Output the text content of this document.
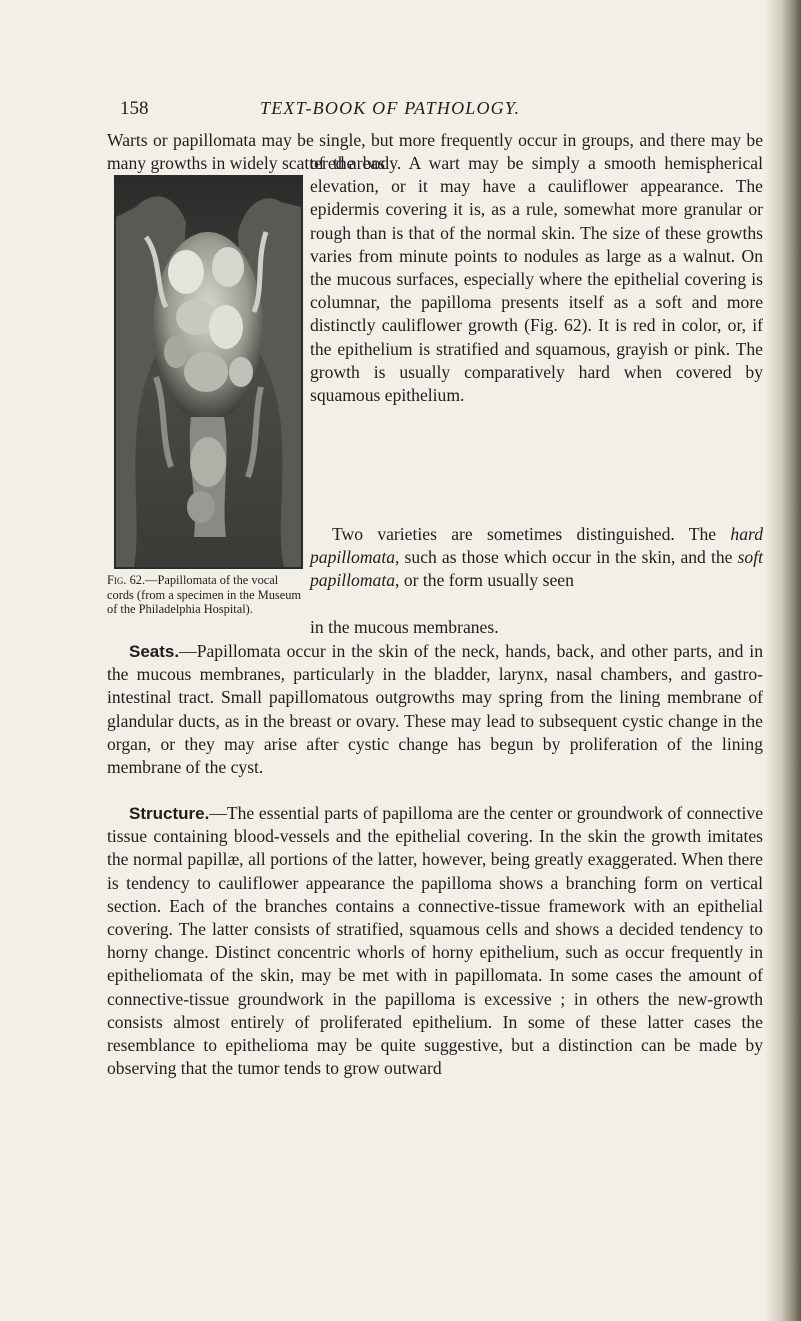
158	TEXT-BOOK OF PATHOLOGY.

Warts or papillomata may be single, but more frequently occur in groups, and there may be many growths in widely scattered areas

of the body. A wart may be simply a smooth hemispherical elevation, or it may have a cauliflower appearance. The epidermis covering it is, as a rule, somewhat more granular or rough than is that of the normal skin. The size of these growths varies from minute points to nodules as large as a walnut. On the mucous surfaces, especially where the epithelial covering is columnar, the papilloma presents itself as a soft and more distinctly cauliflower growth (Fig. 62). It is red in color, or, if the epithelium is stratified and squamous, grayish or pink. The growth is usually comparatively hard when covered by squamous epithelium.

Two varieties are sometimes distinguished. The hard papillomata, such as those which occur in the skin, and the soft papillomata, or the form usually seen

Fig. 62.—Papillomata of the vocal cords (from a specimen in the Museum of the Philadelphia Hospital).

in the mucous membranes.

Seats.—Papillomata occur in the skin of the neck, hands, back, and other parts, and in the mucous membranes, particularly in the bladder, larynx, nasal chambers, and gastro-intestinal tract. Small papillomatous outgrowths may spring from the lining membrane of glandular ducts, as in the breast or ovary. These may lead to subsequent cystic change in the organ, or they may arise after cystic change has begun by proliferation of the lining membrane of the cyst.

Structure.—The essential parts of papilloma are the center or groundwork of connective tissue containing blood-vessels and the epithelial covering. In the skin the growth imitates the normal papillæ, all portions of the latter, however, being greatly exaggerated. When there is tendency to cauliflower appearance the papilloma shows a branching form on vertical section. Each of the branches contains a connective-tissue framework with an epithelial covering. The latter consists of stratified, squamous cells and shows a decided tendency to horny change. Distinct concentric whorls of horny epithelium, such as occur frequently in epitheliomata of the skin, may be met with in papillomata. In some cases the amount of connective-tissue groundwork in the papilloma is excessive ; in others the new-growth consists almost entirely of proliferated epithelium. In some of these latter cases the resemblance to epithelioma may be quite suggestive, but a distinction can be made by observing that the tumor tends to grow outward
